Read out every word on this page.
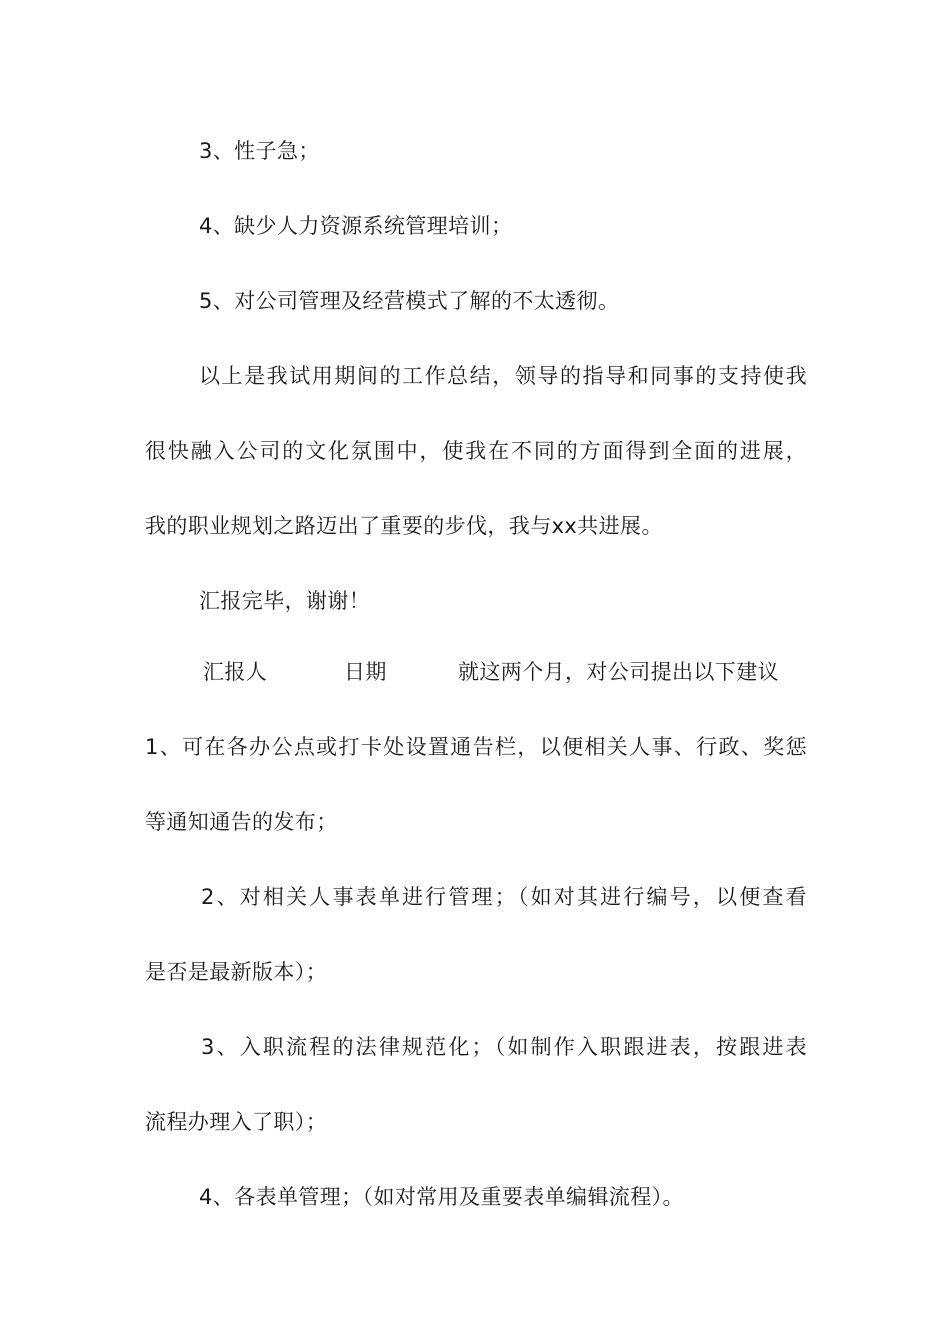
3、性子急；
4、缺少人力资源系统管理培训；
5、对公司管理及经营模式了解的不太透彻。
以上是我试用期间的工作总结，领导的指导和同事的支持使我
很快融入公司的文化氛围中，使我在不同的方面得到全面的进展，
我的职业规划之路迈出了重要的步伐，我与xx共进展。
汇报完毕，谢谢！
汇报人	日期	就这两个月，对公司提出以下建议
1、可在各办公点或打卡处设置通告栏，以便相关人事、行政、奖惩
等通知通告的发布；
2、对相关人事表单进行管理；（如对其进行编号，以便查看
是否是最新版本）；
3、入职流程的法律规范化；（如制作入职跟进表，按跟进表
流程办理入了职）；
4、各表单管理；（如对常用及重要表单编辑流程）。
